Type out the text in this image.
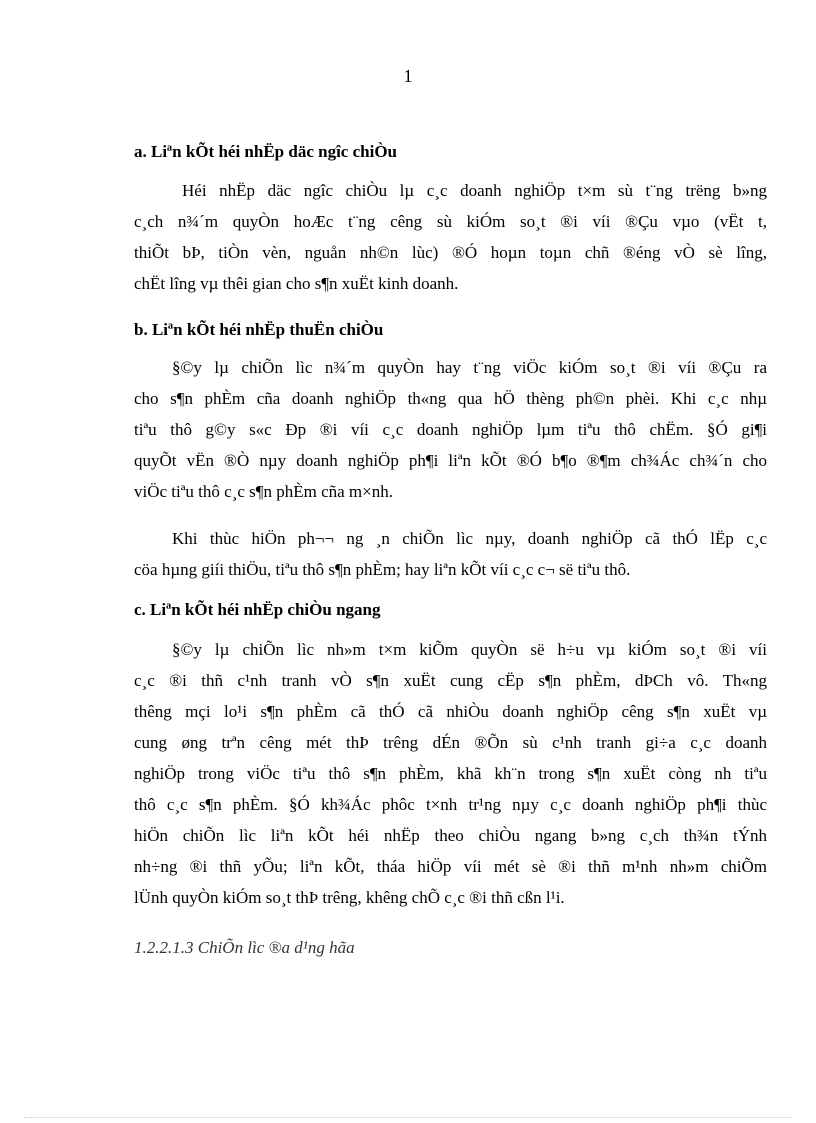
1
a. Liªn kÕt héi nhËp däc ngîc chiÒu
Héi nhËp däc ngîc chiÒu lµ c¸c doanh nghiÖp t×m sù t¨ng trëng b»ng
c¸ch n¾´m quyÒn hoÆc t¨ng cêng sù kiÓm so¸t ®i víi ®Çu vµo (vËt t,
thiÕt bÞ, tiÒn vèn, nguån nh©n lùc) ®Ó hoµn toµn chñ ®éng vÒ sè lîng,
chËt lîng vµ thêi gian cho s¶n xuËt kinh doanh.
b. Liªn kÕt héi nhËp thuËn chiÒu
§©y lµ chiÕn lìc n¾´m quyÒn hay t¨ng viÖc kiÓm so¸t ®i víi ®Çu ra
cho s¶n phÈm cña doanh nghiÖp th«ng qua hÖ thèng ph©n phèi. Khi c¸c nhµ
tiªu thô g©y s«c Ðp ®i víi c¸c doanh nghiÖp lµm tiªu thô chËm. §Ó gi¶i
quyÕt vËn ®Ò nµy doanh nghiÖp ph¶i liªn kÕt ®Ó b¶o ®¶m ch¾Ác ch¾´n cho
viÖc tiªu thô c¸c s¶n phÈm cña m×nh.
Khi thùc hiÖn ph¬¬ ng ¸n chiÕn lìc nµy, doanh nghiÖp cã thÓ lËp c¸c
cöa hµng giíi thiÖu, tiªu thô s¶n phÈm; hay liªn kÕt víi c¸c c¬ së tiªu thô.
c. Liªn kÕt héi nhËp chiÒu ngang
§©y lµ chiÕn lìc nh»m t×m kiÕm quyÒn së h÷u vµ kiÓm so¸t ®i víi
c¸c ®i thñ c¹nh tranh vÒ s¶n xuËt cung cËp s¶n phÈm, dÞCh vô. Th«ng
thêng mçi lo¹i s¶n phÈm cã thÓ cã nhiÒu doanh nghiÖp cêng s¶n xuËt vµ
cung øng trªn cêng mét thÞ trêng dÉn ®Õn sù c¹nh tranh gi÷a c¸c doanh
nghiÖp trong viÖc tiªu thô s¶n phÈm, khã kh¨n trong s¶n xuËt còng nh tiªu
thô c¸c s¶n phÈm. §Ó kh¾Ác phôc t×nh tr¹ng nµy c¸c doanh nghiÖp ph¶i thùc
hiÖn chiÕn lìc liªn kÕt héi nhËp theo chiÒu ngang b»ng c¸ch th¾n tÝnh
nh÷ng ®i thñ yÕu; liªn kÕt, tháa hiÖp víi mét sè ®i thñ m¹nh nh»m chiÕm
lÜnh quyÒn kiÓm so¸t thÞ trêng, khêng chÕ c¸c ®i thñ cßn l¹i.
1.2.2.1.3 ChiÕn lìc ®a d¹ng hãa
